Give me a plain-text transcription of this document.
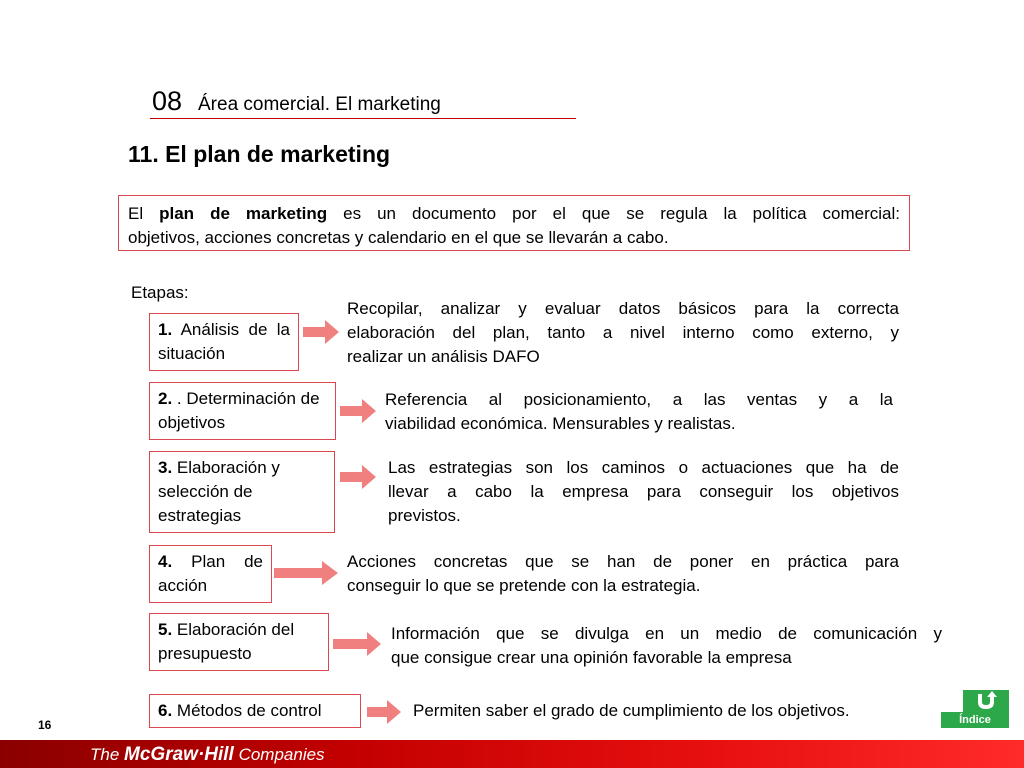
08 Área comercial. El marketing
11. El plan de marketing
El plan de marketing es un documento por el que se regula la política comercial:
objetivos, acciones concretas y calendario en el que se llevarán a cabo.
Etapas:
1. Análisis de la situación
Recopilar, analizar y evaluar datos básicos para la correcta
elaboración del plan, tanto a nivel interno como externo, y
realizar un análisis DAFO
2. . Determinación de objetivos
Referencia al posicionamiento, a las ventas y a la
viabilidad económica. Mensurables y realistas.
3. Elaboración y selección de estrategias
Las estrategias son los caminos o actuaciones que ha de
llevar a cabo la empresa para conseguir los objetivos
previstos.
4. Plan de acción
Acciones concretas que se han de poner en práctica para
conseguir lo que se pretende con la estrategia.
5. Elaboración del presupuesto
Información que se divulga en un medio de comunicación y
que consigue crear una opinión favorable la empresa
6. Métodos de control	Permiten saber el grado de cumplimiento de los objetivos.
16	Índice
The McGraw·Hill Companies
